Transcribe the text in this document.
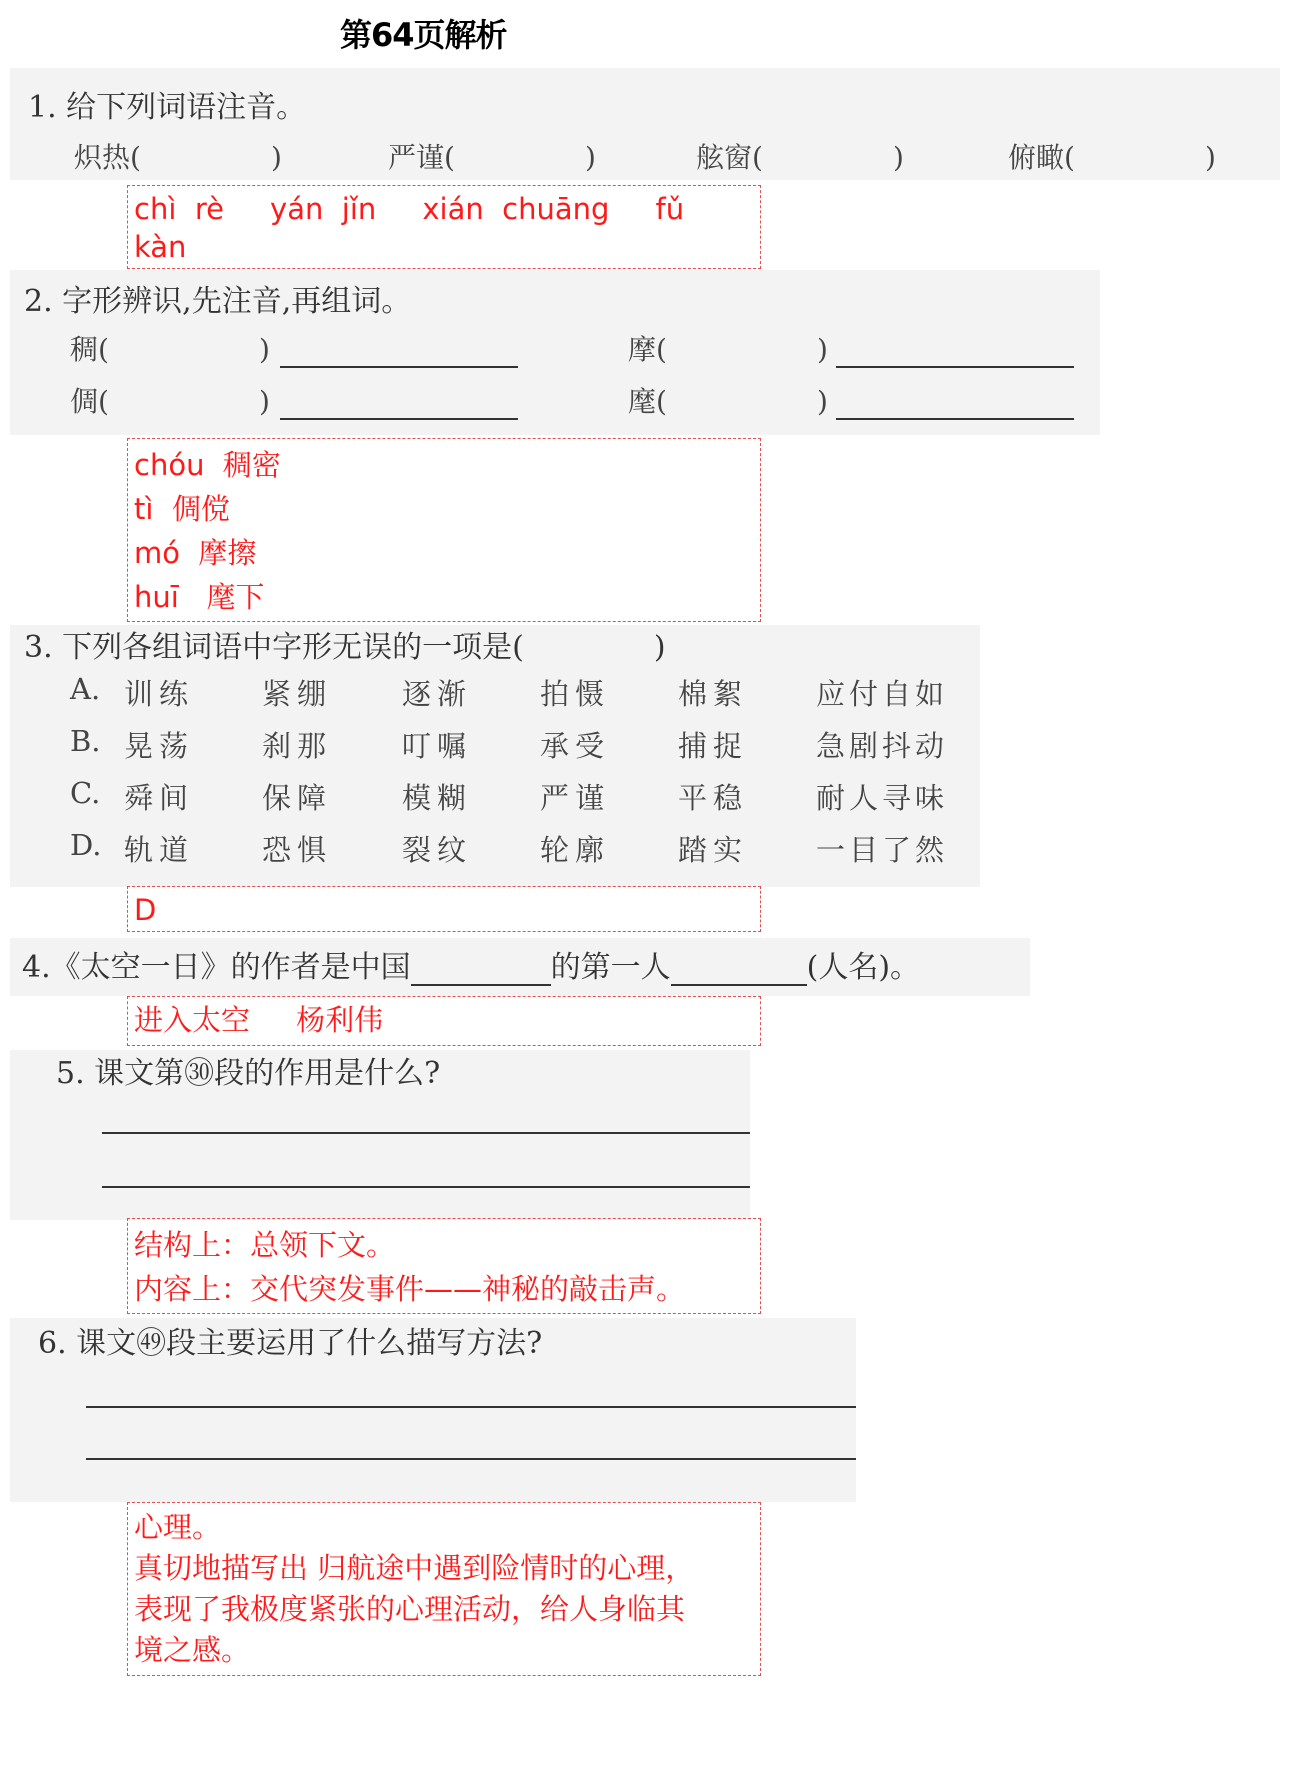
第64页解析
1. 给下列词语注音。
炽热(	)	严谨(	)	舷窗(	)	俯瞰(	)
chì  rè     yán  jǐn     xián  chuāng     fǔ  kàn
2. 字形辨识,先注音,再组词。
稠(	)	摩(	)
倜(	)	麾(	)
chóu  稠密
tì  倜傥
mó  摩擦
huī   麾下
3. 下列各组词语中字形无误的一项是(	)
A. 训练 紧绷 逐渐 拍慑 棉絮 应付自如
B. 晃荡 刹那 叮嘱 承受 捕捉 急剧抖动
C. 舜间 保障 模糊 严谨 平稳 耐人寻味
D. 轨道 恐惧 裂纹 轮廓 踏实 一目了然
D
4.《太空一日》的作者是中国	的第一人	(人名)。
进入太空     杨利伟
5. 课文第㉚段的作用是什么?
结构上：总领下文。
内容上：交代突发事件——神秘的敲击声。
6. 课文㊾段主要运用了什么描写方法?
心理。
真切地描写出 归航途中遇到险情时的心理，
表现了我极度紧张的心理活动，给人身临其
境之感。
